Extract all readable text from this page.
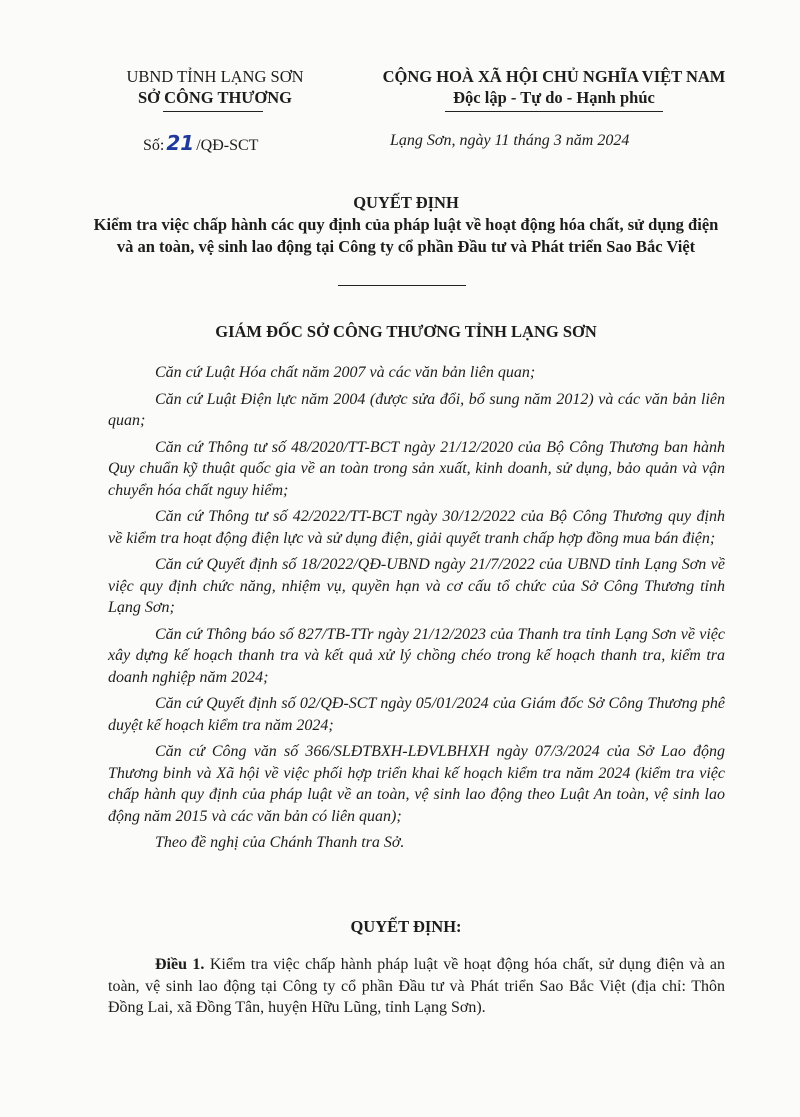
UBND TỈNH LẠNG SƠN
SỞ CÔNG THƯƠNG
CỘNG HOÀ XÃ HỘI CHỦ NGHĨA VIỆT NAM
Độc lập - Tự do - Hạnh phúc
Số: 21 /QĐ-SCT	Lạng Sơn, ngày 11 tháng 3 năm 2024
QUYẾT ĐỊNH
Kiểm tra việc chấp hành các quy định của pháp luật về hoạt động hóa chất, sử dụng điện và an toàn, vệ sinh lao động tại Công ty cổ phần Đầu tư và Phát triển Sao Bắc Việt
GIÁM ĐỐC SỞ CÔNG THƯƠNG TỈNH LẠNG SƠN

Căn cứ Luật Hóa chất năm 2007 và các văn bản liên quan;

Căn cứ Luật Điện lực năm 2004 (được sửa đổi, bổ sung năm 2012) và các văn bản liên quan;

Căn cứ Thông tư số 48/2020/TT-BCT ngày 21/12/2020 của Bộ Công Thương ban hành Quy chuẩn kỹ thuật quốc gia về an toàn trong sản xuất, kinh doanh, sử dụng, bảo quản và vận chuyển hóa chất nguy hiểm;

Căn cứ Thông tư số 42/2022/TT-BCT ngày 30/12/2022 của Bộ Công Thương quy định về kiểm tra hoạt động điện lực và sử dụng điện, giải quyết tranh chấp hợp đồng mua bán điện;

Căn cứ Quyết định số 18/2022/QĐ-UBND ngày 21/7/2022 của UBND tỉnh Lạng Sơn về việc quy định chức năng, nhiệm vụ, quyền hạn và cơ cấu tổ chức của Sở Công Thương tỉnh Lạng Sơn;

Căn cứ Thông báo số 827/TB-TTr ngày 21/12/2023 của Thanh tra tỉnh Lạng Sơn về việc xây dựng kế hoạch thanh tra và kết quả xử lý chồng chéo trong kế hoạch thanh tra, kiểm tra doanh nghiệp năm 2024;

Căn cứ Quyết định số 02/QĐ-SCT ngày 05/01/2024 của Giám đốc Sở Công Thương phê duyệt kế hoạch kiểm tra năm 2024;

Căn cứ Công văn số 366/SLĐTBXH-LĐVLBHXH ngày 07/3/2024 của Sở Lao động Thương binh và Xã hội về việc phối hợp triển khai kế hoạch kiểm tra năm 2024 (kiểm tra việc chấp hành quy định của pháp luật về an toàn, vệ sinh lao động theo Luật An toàn, vệ sinh lao động năm 2015 và các văn bản có liên quan);

Theo đề nghị của Chánh Thanh tra Sở.

QUYẾT ĐỊNH:

Điều 1. Kiểm tra việc chấp hành pháp luật về hoạt động hóa chất, sử dụng điện và an toàn, vệ sinh lao động tại Công ty cổ phần Đầu tư và Phát triển Sao Bắc Việt (địa chỉ: Thôn Đồng Lai, xã Đồng Tân, huyện Hữu Lũng, tỉnh Lạng Sơn).
